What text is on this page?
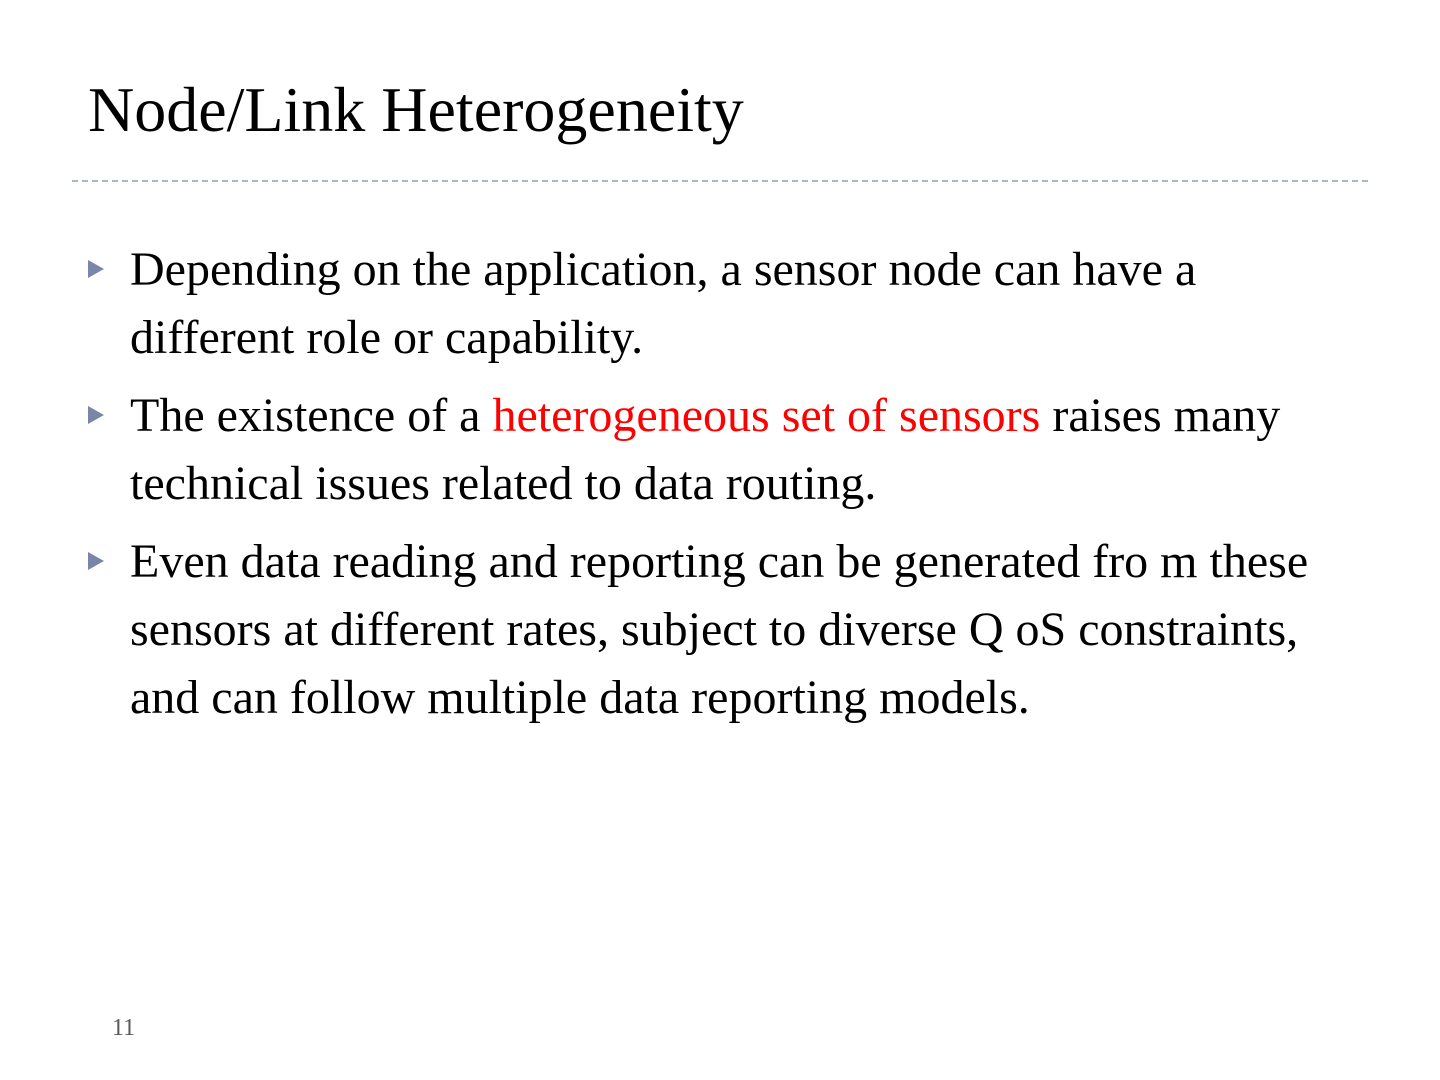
Node/Link Heterogeneity
Depending on the application, a sensor node can have a different role or capability.
The existence of a heterogeneous set of sensors raises many technical issues related to data routing.
Even data reading and reporting can be generated fro m these sensors at different rates, subject to diverse Q oS constraints, and can follow multiple data reporting models.
11
